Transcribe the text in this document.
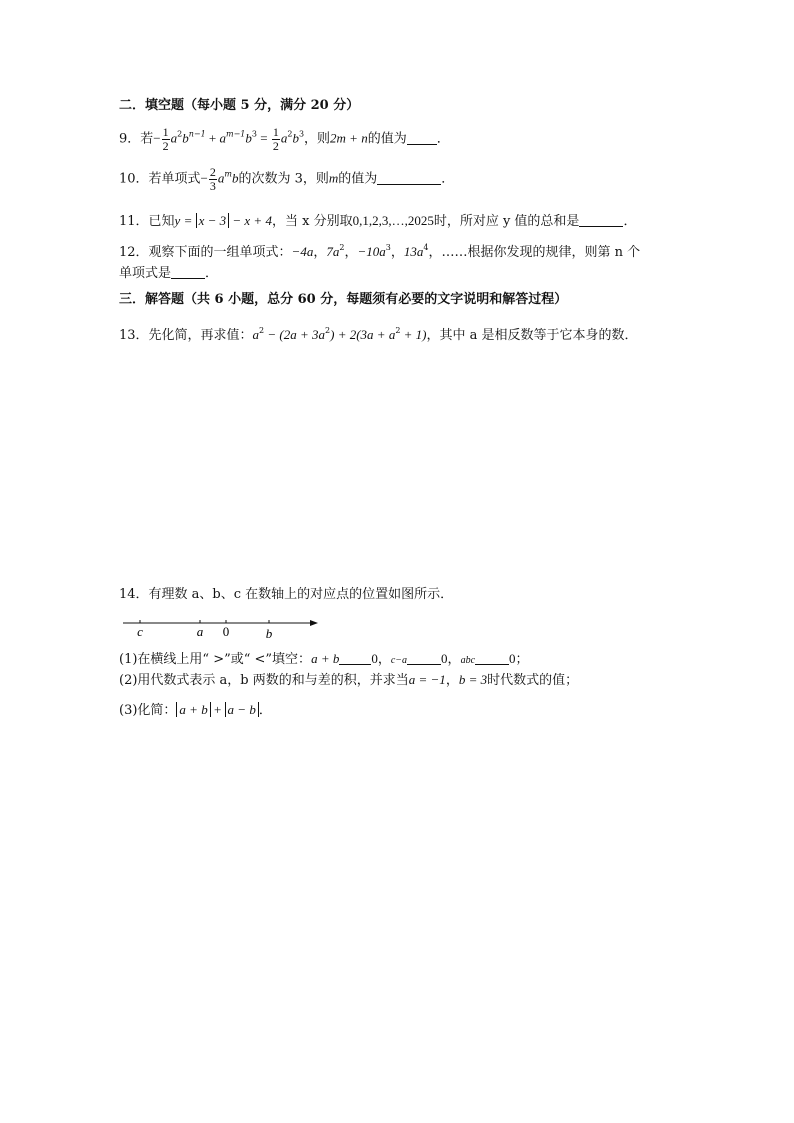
二．填空题（每小题 5 分，满分 20 分）
9．若− $\frac{1}{2} a^2b^{n-1} + a^{m-1}b^3 = \frac{1}{2} a^2b^3$，则2m + n的值为 ．
10．若单项式− $\frac{2}{3} a^mb$的次数为 3，则m的值为	．
11．已知y = x − 3 − x + 4，当 x 分别取0,1,2,3,…,2025时，所对应 y 值的总和是	．
12．观察下面的一组单项式：−4a，$7a^2$，$-10a^3$，$13a^4$，……根据你发现的规律，则第 n 个
单项式是	．
三．解答题（共 6 小题，总分 60 分，每题须有必要的文字说明和解答过程）
13．先化简，再求值：$a^2 - (2a + 3a^2) + 2(3a + a^2 + 1)$，其中 a 是相反数等于它本身的数．
14．有理数 a、b、c 在数轴上的对应点的位置如图所示．
c	a 0	b
(1)在横线上用“ >”或“ <”填空：a + b 0，c−a	0，abc	0；
(2)用代数式表示 a，b 两数的和与差的积，并求当a = −1，b = 3时代数式的值；
(3)化简： a + b + a − b ．
